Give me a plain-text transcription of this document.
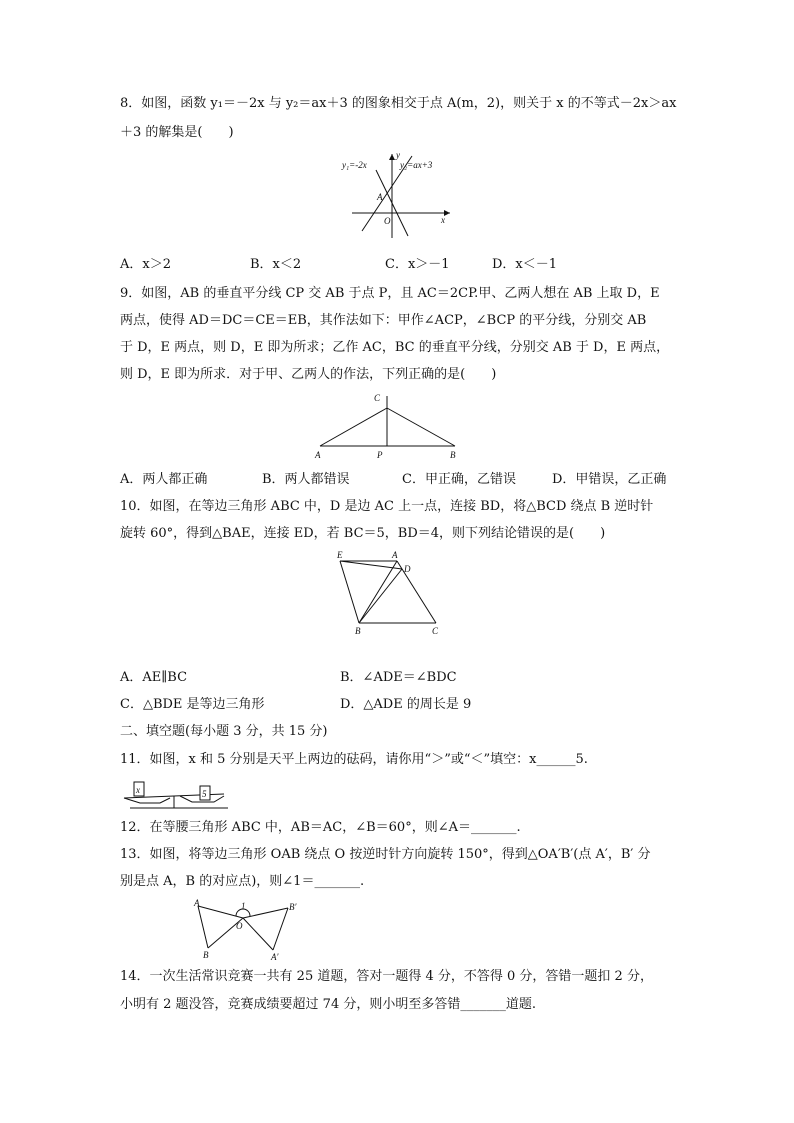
8．如图，函数 y₁＝－2x 与 y₂＝ax＋3 的图象相交于点 A(m，2)，则关于 x 的不等式－2x＞ax
＋3 的解集是(　　)
y₁=-2x	y₂=ax+3
y
x
A
O
A．x＞2	B．x＜2	C．x＞－1	D．x＜－1
9．如图，AB 的垂直平分线 CP 交 AB 于点 P，且 AC＝2CP.甲、乙两人想在 AB 上取 D，E
两点，使得 AD＝DC＝CE＝EB，其作法如下：甲作∠ACP，∠BCP 的平分线，分别交 AB
于 D，E 两点，则 D，E 即为所求；乙作 AC，BC 的垂直平分线，分别交 AB 于 D，E 两点，
则 D，E 即为所求．对于甲、乙两人的作法，下列正确的是(　　)
C
A	P	B
A．两人都正确	B．两人都错误	C．甲正确，乙错误	D．甲错误，乙正确
10．如图，在等边三角形 ABC 中，D 是边 AC 上一点，连接 BD，将△BCD 绕点 B 逆时针
旋转 60°，得到△BAE，连接 ED，若 BC＝5，BD＝4，则下列结论错误的是(　　)
E	A
D
B	C
A．AE∥BC	B．∠ADE＝∠BDC
C．△BDE 是等边三角形	D．△ADE 的周长是 9
二、填空题(每小题 3 分，共 15 分)
11．如图，x 和 5 分别是天平上两边的砝码，请你用“＞”或“＜”填空：x______5.
x	5
12．在等腰三角形 ABC 中，AB＝AC，∠B＝60°，则∠A＝_______.
13．如图，将等边三角形 OAB 绕点 O 按逆时针方向旋转 150°，得到△OA′B′(点 A′，B′ 分
别是点 A，B 的对应点)，则∠1＝_______.
A
B
O
1	B′
A′
14．一次生活常识竞赛一共有 25 道题，答对一题得 4 分，不答得 0 分，答错一题扣 2 分，
小明有 2 题没答，竞赛成绩要超过 74 分，则小明至多答错_______道题.
